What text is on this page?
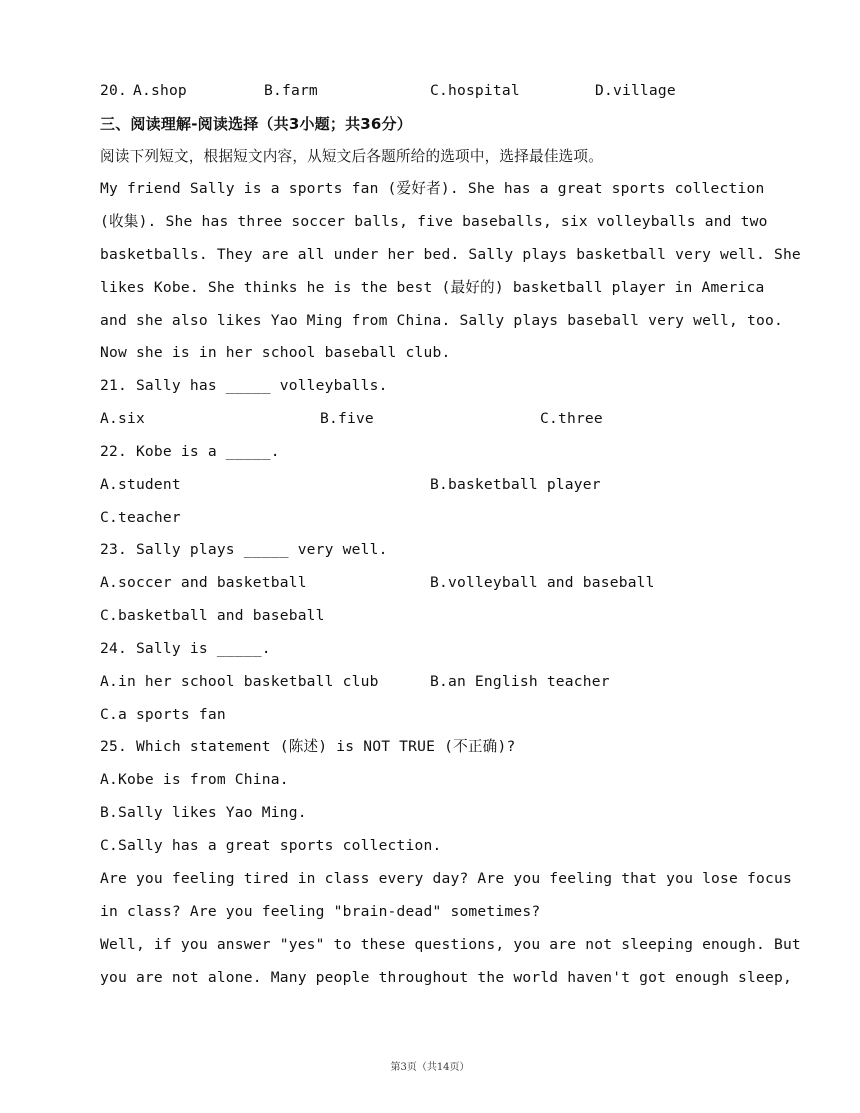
20. A.shop	B.farm	C.hospital	D.village
三、阅读理解-阅读选择（共3小题；共36分）
阅读下列短文，根据短文内容，从短文后各题所给的选项中，选择最佳选项。
My friend Sally is a sports fan (爱好者). She has a great sports collection
(收集). She has three soccer balls, five baseballs, six volleyballs and two
basketballs. They are all under her bed. Sally plays basketball very well. She
likes Kobe. She thinks he is the best (最好的) basketball player in America
and she also likes Yao Ming from China. Sally plays baseball very well, too.
Now she is in her school baseball club.
21. Sally has _____ volleyballs.
A.six	B.five	C.three
22. Kobe is a _____.
A.student	B.basketball player
C.teacher
23. Sally plays _____ very well.
A.soccer and basketball	B.volleyball and baseball
C.basketball and baseball
24. Sally is _____.
A.in her school basketball club	B.an English teacher
C.a sports fan
25. Which statement (陈述) is NOT TRUE (不正确)?
A.Kobe is from China.
B.Sally likes Yao Ming.
C.Sally has a great sports collection.
Are you feeling tired in class every day? Are you feeling that you lose focus
in class? Are you feeling "brain-dead" sometimes?
Well, if you answer "yes" to these questions, you are not sleeping enough. But
you are not alone. Many people throughout the world haven't got enough sleep,
第3页（共14页）
